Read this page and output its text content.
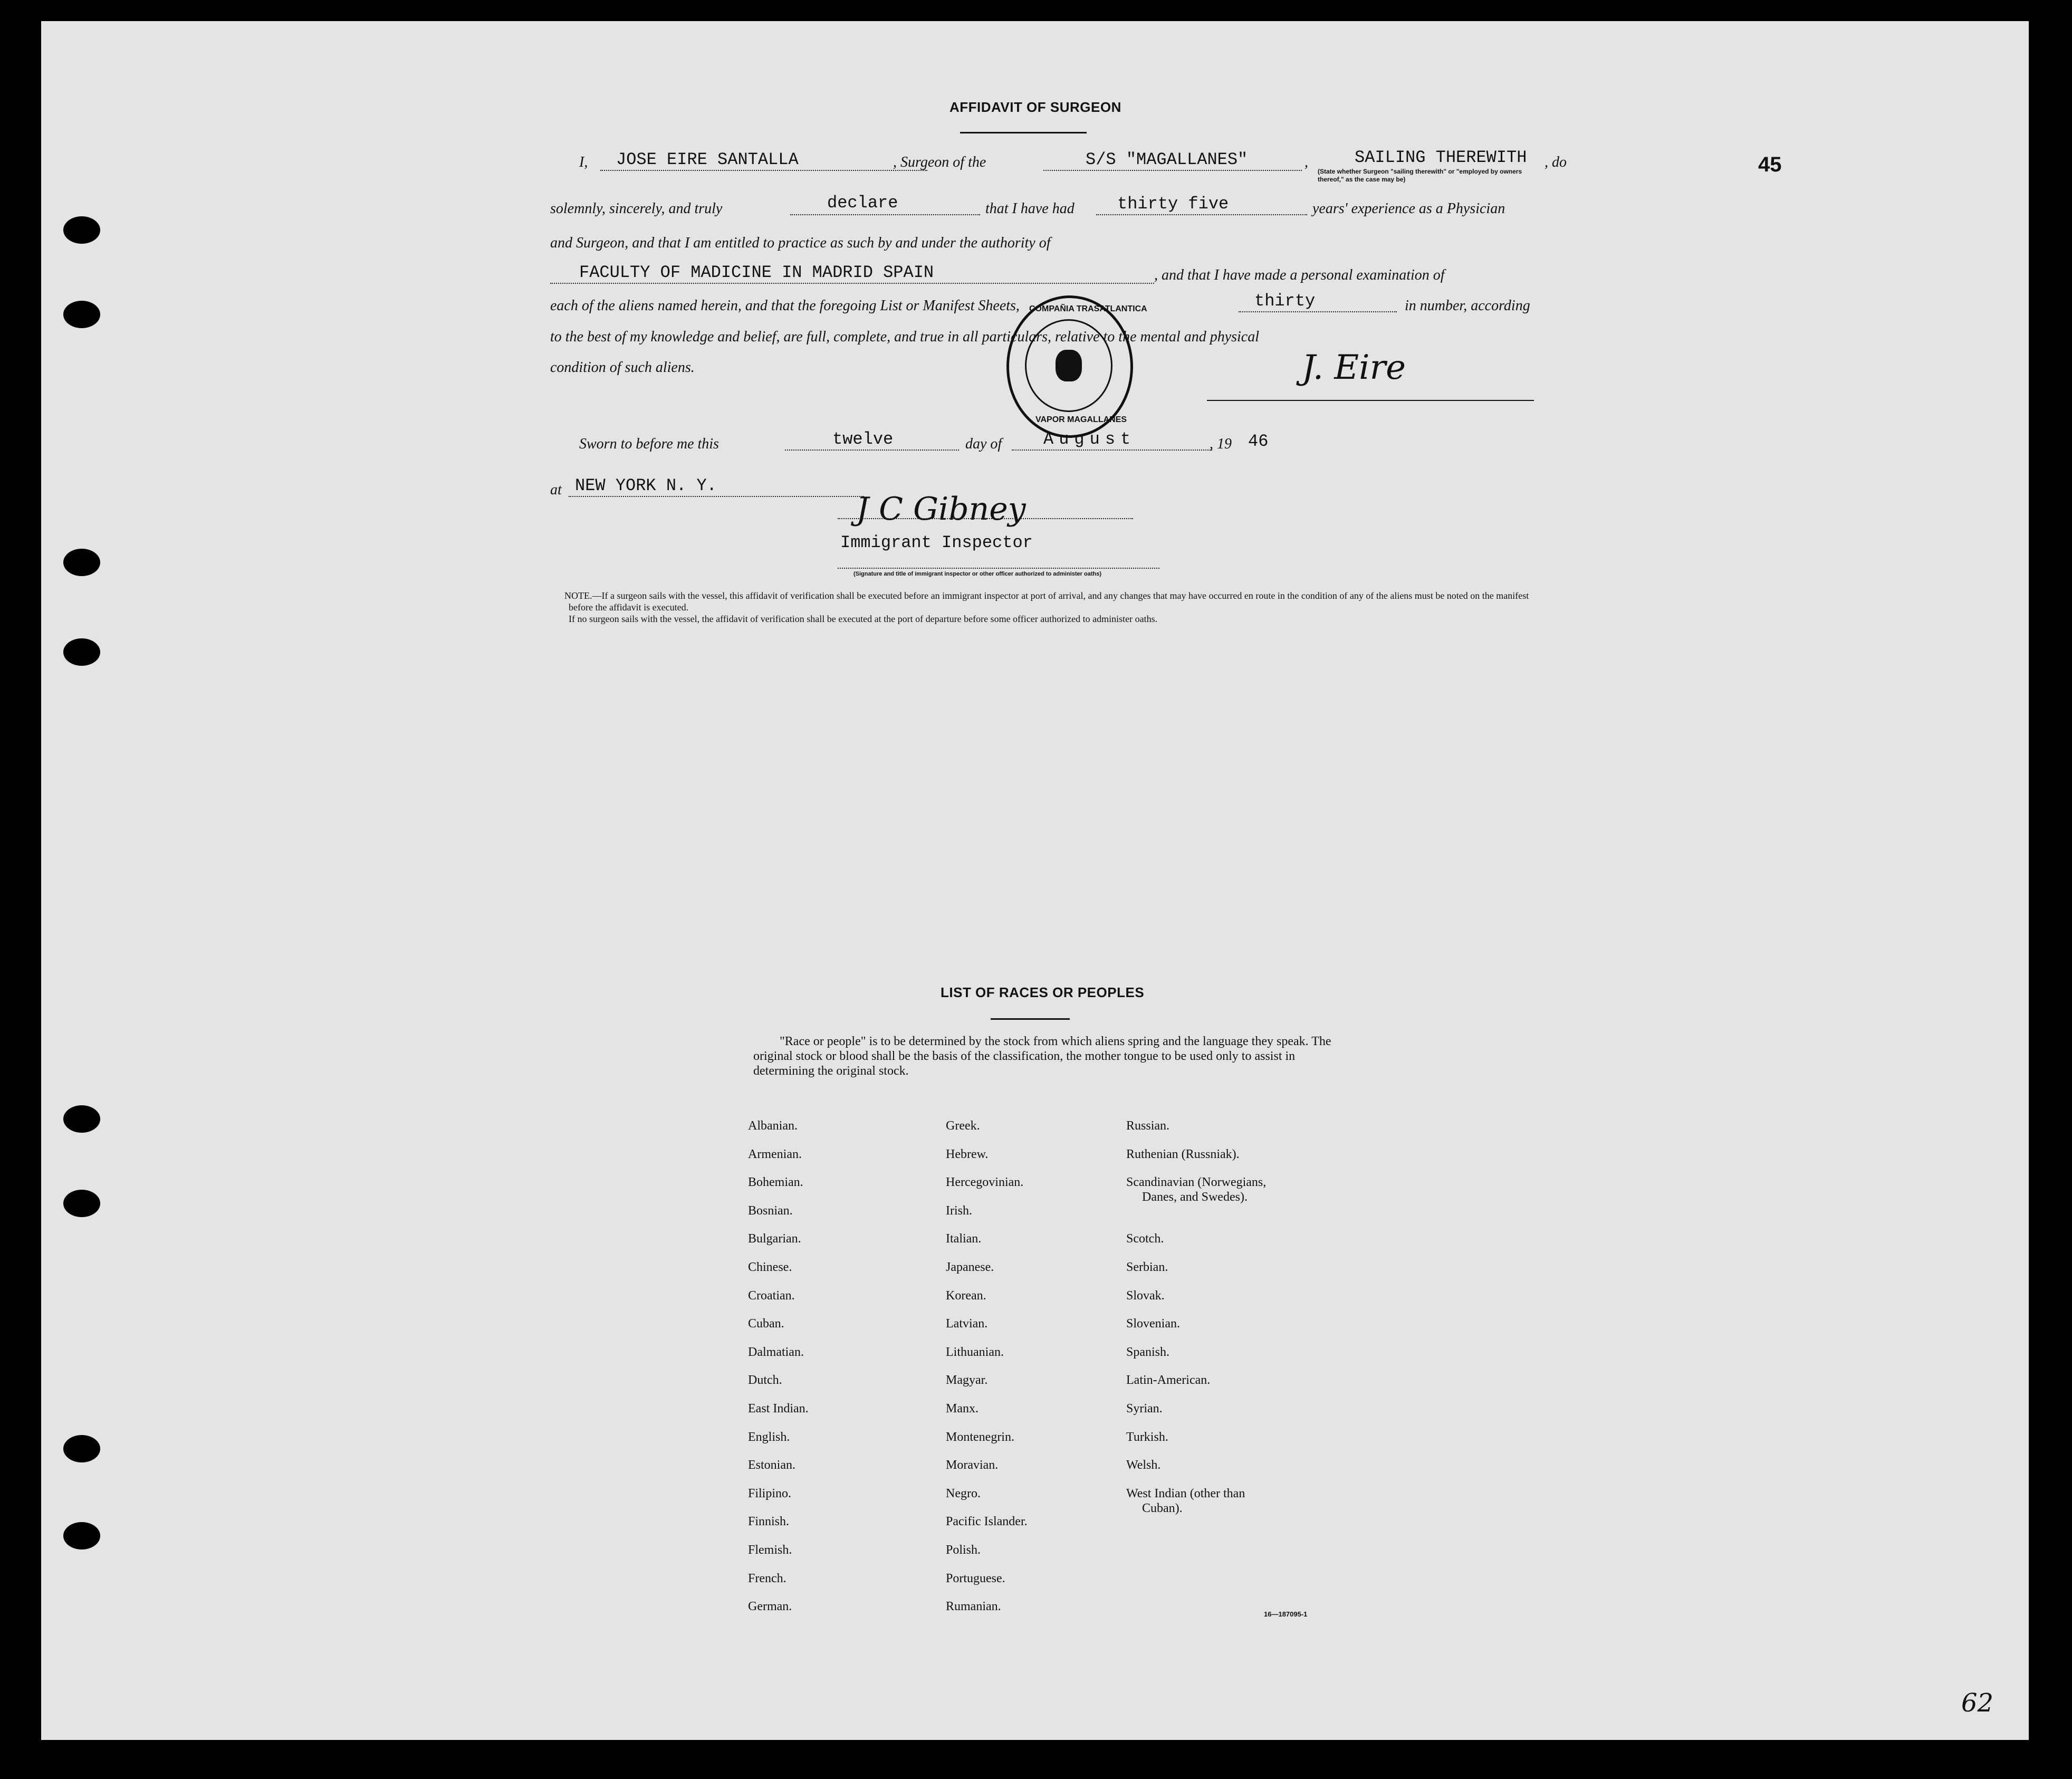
45
AFFIDAVIT OF SURGEON
I, JOSE EIRE SANTALLA	, Surgeon of the	S/S "MAGALLANES"	,	SAILING THEREWITH
(State whether Surgeon "sailing therewith" or "employed by owners thereof," as the case may be)
, do
solemnly, sincerely, and truly	declare	that I have had	thirty five	years' experience as a Physician
and Surgeon, and that I am entitled to practice as such by and under the authority of
FACULTY OF MADICINE IN MADRID SPAIN	, and that I have made a personal examination of
each of the aliens named herein, and that the foregoing List or Manifest Sheets,	thirty	in number, according
to the best of my knowledge and belief, are full, complete, and true in all particulars, relative to the mental and physical
condition of such aliens.
COMPAÑIA TRASATLANTICA
VAPOR MAGALLANES
J. Eire
Sworn to before me this	twelve	day of August	, 19 46
at NEW YORK N. Y.
J C Gibney
Immigrant Inspector
(Signature and title of immigrant inspector or other officer authorized to administer oaths)
NOTE.—If a surgeon sails with the vessel, this affidavit of verification shall be executed before an immigrant inspector at port of arrival, and any changes that may have occurred en route in the condition of any of the aliens must be noted on the manifest before the affidavit is executed.
If no surgeon sails with the vessel, the affidavit of verification shall be executed at the port of departure before some officer authorized to administer oaths.
LIST OF RACES OR PEOPLES
"Race or people" is to be determined by the stock from which aliens spring and the language they speak. The original stock or blood shall be the basis of the classification, the mother tongue to be used only to assist in determining the original stock.
16—187095-1
62
Albanian.
Armenian.
Bohemian.
Bosnian.
Bulgarian.
Chinese.
Croatian.
Cuban.
Dalmatian.
Dutch.
East Indian.
English.
Estonian.
Filipino.
Finnish.
Flemish.
French.
German.
Greek.
Hebrew.
Hercegovinian.
Irish.
Italian.
Japanese.
Korean.
Latvian.
Lithuanian.
Magyar.
Manx.
Montenegrin.
Moravian.
Negro.
Pacific Islander.
Polish.
Portuguese.
Rumanian.
Russian.
Ruthenian (Russniak).
Scandinavian (Norwegians,
Danes, and Swedes).
Scotch.
Serbian.
Slovak.
Slovenian.
Spanish.
Latin-American.
Syrian.
Turkish.
Welsh.
West Indian (other than
Cuban).
